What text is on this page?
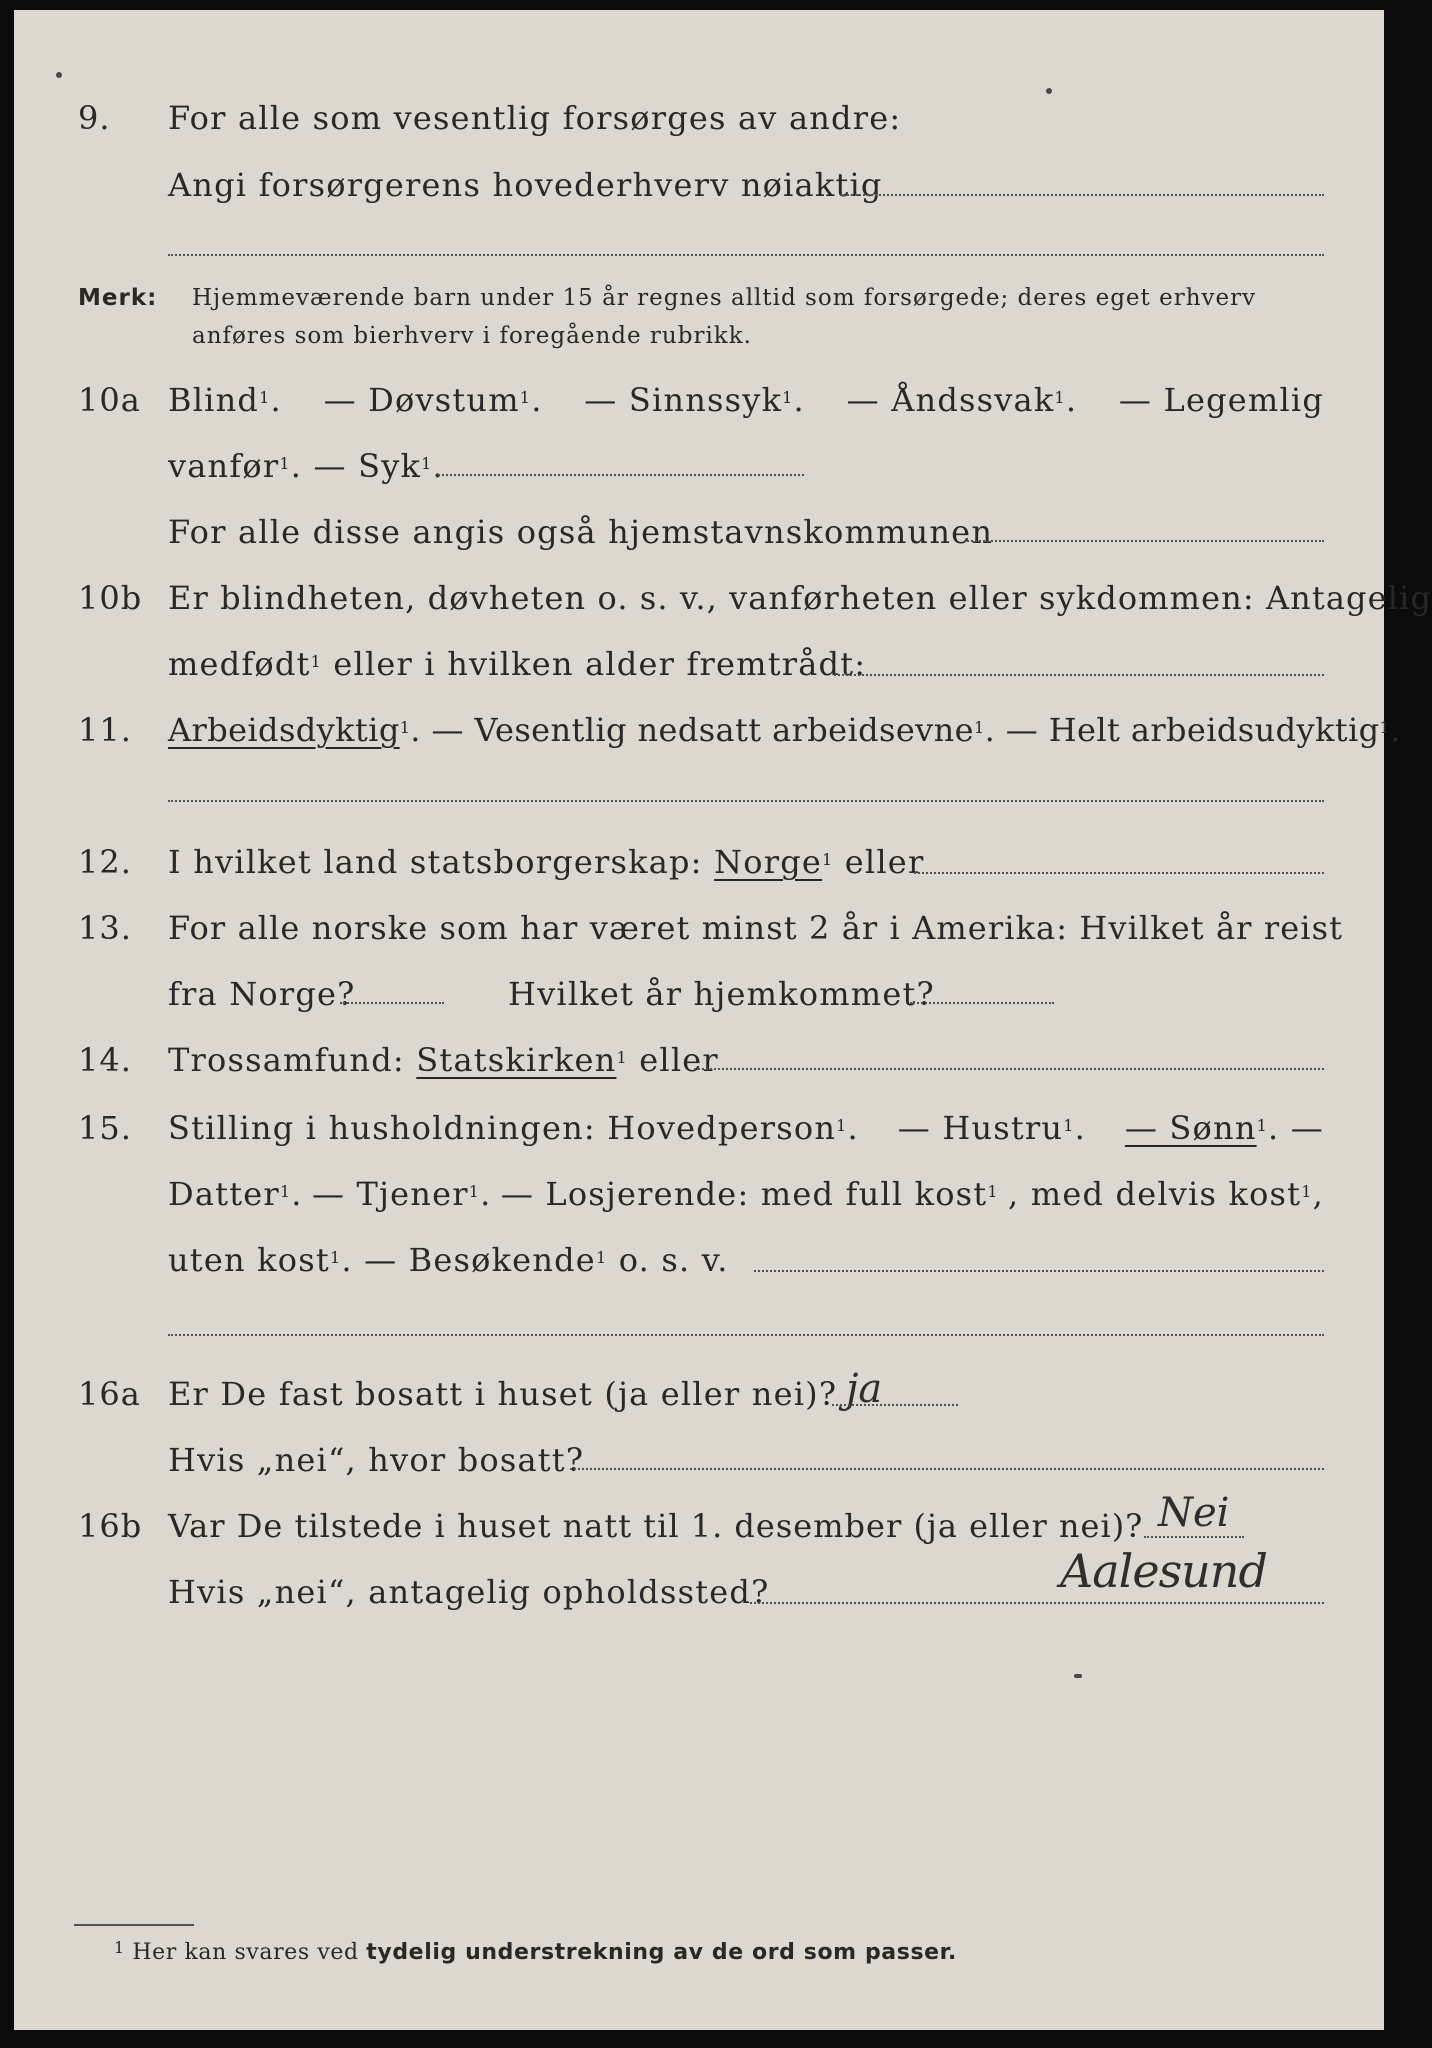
9. For alle som vesentlig forsørges av andre:
Angi forsørgerens hovederhverv nøiaktig
Merk: Hjemmeværende barn under 15 år regnes alltid som forsørgede; deres eget erhverv
anføres som bierhverv i foregående rubrikk.
10a Blind$^1$. — Døvstum$^1$. — Sinnssyk$^1$. — Åndssvak$^1$. — Legemlig
vanfør$^1$. — Syk$^1$.
For alle disse angis også hjemstavnskommunen
10b Er blindheten, døvheten o. s. v., vanførheten eller sykdommen: Antagelig
medfødt$^1$ eller i hvilken alder fremtrådt:
11. Arbeidsdyktig$^1$. — Vesentlig nedsatt arbeidsevne$^1$. — Helt arbeidsudyktig$^1$.
12. I hvilket land statsborgerskap: Norge$^1$ eller
13. For alle norske som har været minst 2 år i Amerika: Hvilket år reist
fra Norge?	Hvilket år hjemkommet?
14. Trossamfund: Statskirken$^1$ eller
15. Stilling i husholdningen: Hovedperson$^1$. — Hustru$^1$. — Sønn$^1$. —
Datter$^1$. — Tjener$^1$. — Losjerende: med full kost$^1$ , med delvis kost$^1$,
uten kost$^1$. — Besøkende$^1$ o. s. v.
16a Er De fast bosatt i huset (ja eller nei)? ja
Hvis „nei“, hvor bosatt?
16b Var De tilstede i huset natt til 1. desember (ja eller nei)? Nei
Hvis „nei“, antagelig opholdssted?	Aalesund
$^1$ Her kan svares ved tydelig understrekning av de ord som passer.
